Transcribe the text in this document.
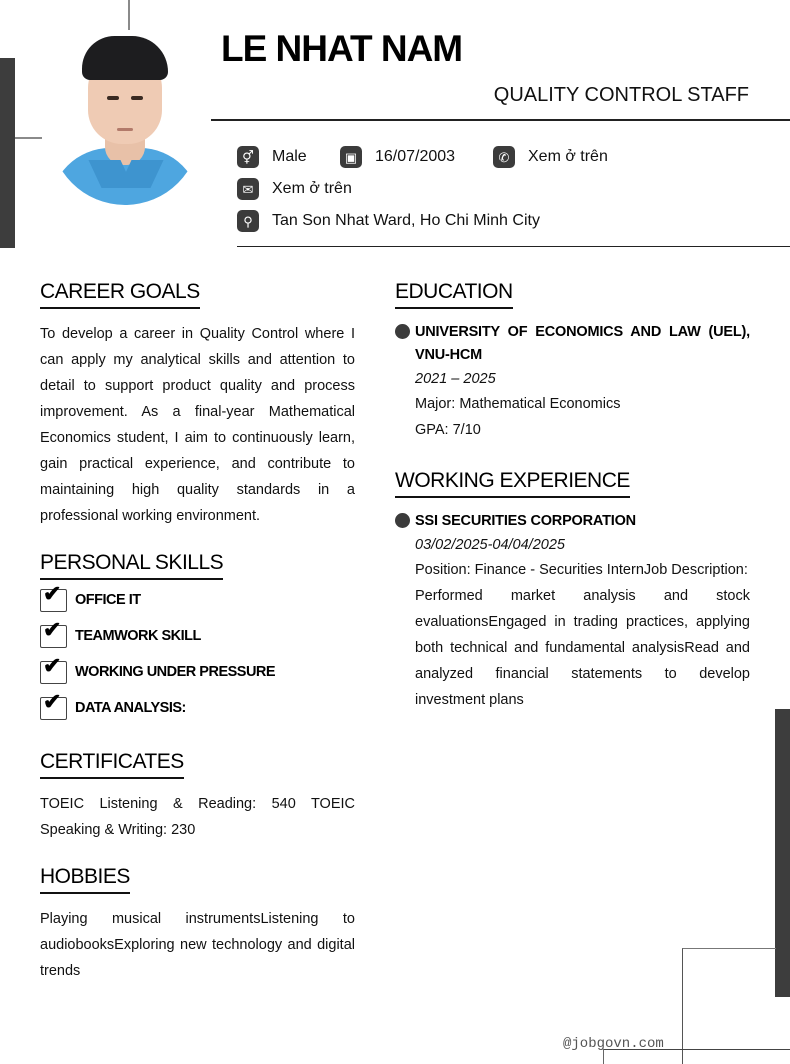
LE NHAT NAM
QUALITY CONTROL STAFF
⚥	Male	▣	16/07/2003	✆	Xem ở trên
✉	Xem ở trên
⚲	Tan Son Nhat Ward, Ho Chi Minh City
CAREER GOALS
To develop a career in Quality Control where I can apply my analytical skills and attention to detail to support product quality and process improvement. As a final-year Mathematical Economics student, I aim to continuously learn, gain practical experience, and contribute to maintaining high quality standards in a professional working environment.
PERSONAL SKILLS
✔ OFFICE IT
✔ TEAMWORK SKILL
✔ WORKING UNDER PRESSURE
✔ DATA ANALYSIS:
CERTIFICATES
TOEIC Listening & Reading: 540 TOEIC Speaking & Writing: 230
HOBBIES
Playing musical instrumentsListening to audiobooksExploring new technology and digital trends
EDUCATION
UNIVERSITY OF ECONOMICS AND LAW (UEL), VNU-HCM
2021 – 2025
Major: Mathematical Economics
GPA: 7/10
WORKING EXPERIENCE
SSI SECURITIES CORPORATION
03/02/2025-04/04/2025
Position: Finance - Securities InternJob Description:
Performed market analysis and stock evaluationsEngaged in trading practices, applying both technical and fundamental analysisRead and analyzed financial statements to develop investment plans
@jobgovn.com
